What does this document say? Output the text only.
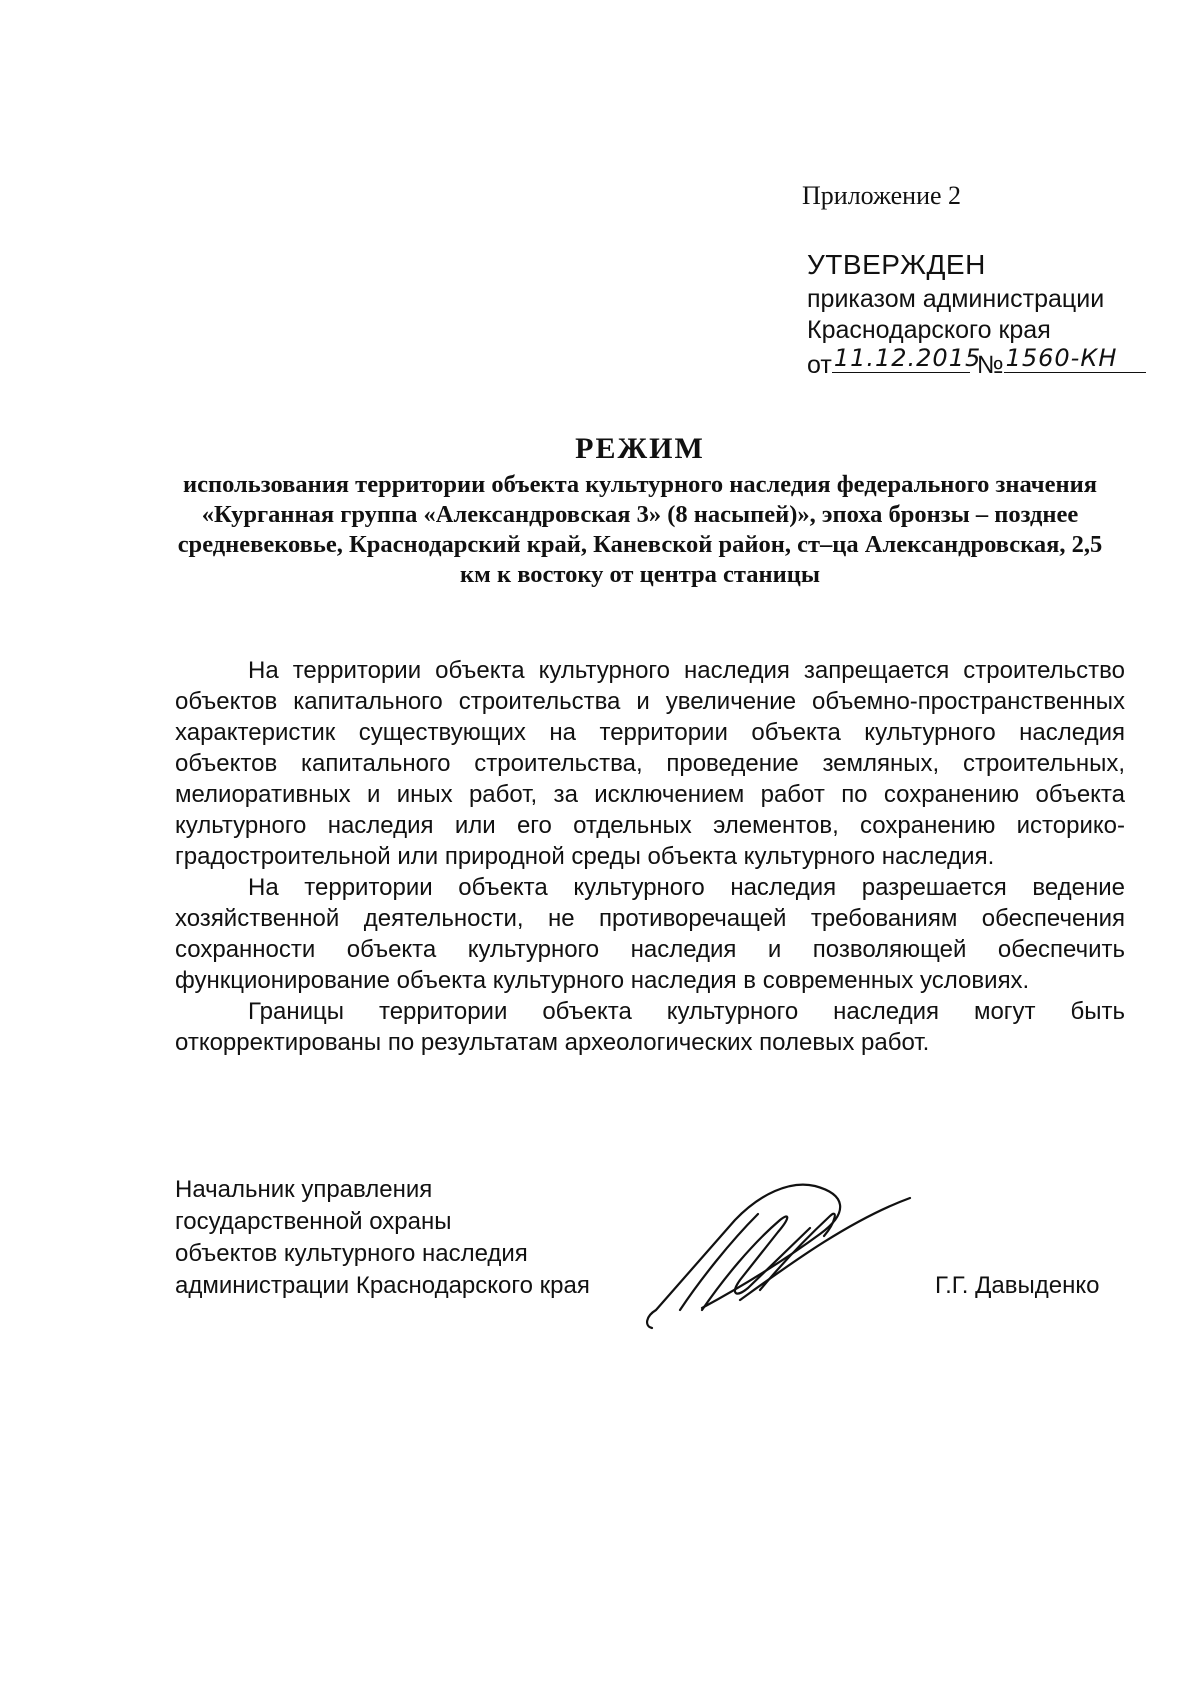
Приложение 2
УТВЕРЖДЕН
приказом администрации
Краснодарского края
от 11.12.2015
№ 1560-КН
РЕЖИМ
использования территории объекта культурного наследия федерального значения «Курганная группа «Александровская 3» (8 насыпей)», эпоха бронзы – позднее средневековье, Краснодарский край, Каневской район, ст–ца Александровская, 2,5 км к востоку от центра станицы

На территории объекта культурного наследия запрещается строительство объектов капитального строительства и увеличение объемно-пространственных характеристик существующих на территории объекта культурного наследия объектов капитального строительства, проведение земляных, строительных, мелиоративных и иных работ, за исключением работ по сохранению объекта культурного наследия или его отдельных элементов, сохранению историко-градостроительной или природной среды объекта культурного наследия.

На территории объекта культурного наследия разрешается ведение хозяйственной деятельности, не противоречащей требованиям обеспечения сохранности объекта культурного наследия и позволяющей обеспечить функционирование объекта культурного наследия в современных условиях.

Границы территории объекта культурного наследия могут быть откорректированы по результатам археологических полевых работ.

Начальник управления
государственной охраны
объектов культурного наследия
администрации Краснодарского края	Г.Г. Давыденко
